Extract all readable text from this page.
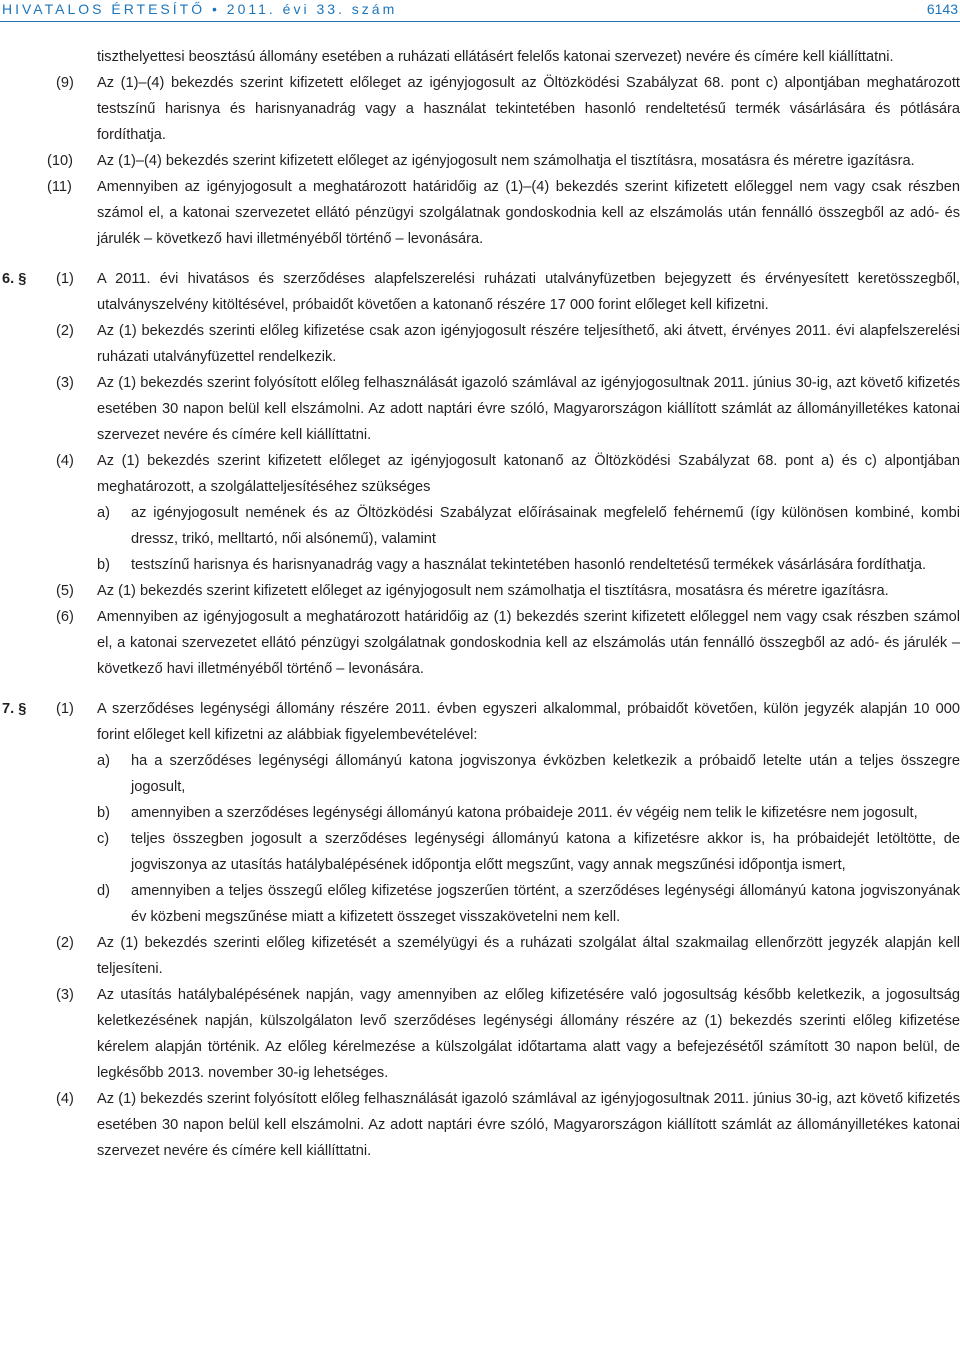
HIVATALOS ÉRTESÍTŐ • 2011. évi 33. szám	6143

tiszthelyettesi beosztású állomány esetében a ruházati ellátásért felelős katonai szervezet) nevére és címére kell kiállíttatni.

(9)	Az (1)–(4) bekezdés szerint kifizetett előleget az igényjogosult az Öltözködési Szabályzat 68. pont c) alpontjában meghatározott testszínű harisnya és harisnyanadrág vagy a használat tekintetében hasonló rendeltetésű termék vásárlására és pótlására fordíthatja.
(10)	Az (1)–(4) bekezdés szerint kifizetett előleget az igényjogosult nem számolhatja el tisztításra, mosatásra és méretre igazításra.
(11)	Amennyiben az igényjogosult a meghatározott határidőig az (1)–(4) bekezdés szerint kifizetett előleggel nem vagy csak részben számol el, a katonai szervezetet ellátó pénzügyi szolgálatnak gondoskodnia kell az elszámolás után fennálló összegből az adó- és járulék – következő havi illetményéből történő – levonására.
6. §	(1)	A 2011. évi hivatásos és szerződéses alapfelszerelési ruházati utalványfüzetben bejegyzett és érvényesített keretösszegből, utalványszelvény kitöltésével, próbaidőt követően a katonanő részére 17 000 forint előleget kell kifizetni.
(2)	Az (1) bekezdés szerinti előleg kifizetése csak azon igényjogosult részére teljesíthető, aki átvett, érvényes 2011. évi alapfelszerelési ruházati utalványfüzettel rendelkezik.
(3)	Az (1) bekezdés szerint folyósított előleg felhasználását igazoló számlával az igényjogosultnak 2011. június 30-ig, azt követő kifizetés esetében 30 napon belül kell elszámolni. Az adott naptári évre szóló, Magyarországon kiállított számlát az állományilletékes katonai szervezet nevére és címére kell kiállíttatni.
(4)	Az (1) bekezdés szerint kifizetett előleget az igényjogosult katonanő az Öltözködési Szabályzat 68. pont a) és c) alpontjában meghatározott, a szolgálatteljesítéséhez szükséges

a)	az igényjogosult nemének és az Öltözködési Szabályzat előírásainak megfelelő fehérnemű (így különösen kombiné, kombi dressz, trikó, melltartó, női alsónemű), valamint
b)	testszínű harisnya és harisnyanadrág vagy a használat tekintetében hasonló rendeltetésű termékek vásárlására fordíthatja.
(5)	Az (1) bekezdés szerint kifizetett előleget az igényjogosult nem számolhatja el tisztításra, mosatásra és méretre igazításra.
(6)	Amennyiben az igényjogosult a meghatározott határidőig az (1) bekezdés szerint kifizetett előleggel nem vagy csak részben számol el, a katonai szervezetet ellátó pénzügyi szolgálatnak gondoskodnia kell az elszámolás után fennálló összegből az adó- és járulék – következő havi illetményéből történő – levonására.
7. §	(1)	A szerződéses legénységi állomány részére 2011. évben egyszeri alkalommal, próbaidőt követően, külön jegyzék alapján 10 000 forint előleget kell kifizetni az alábbiak figyelembevételével:

a)	ha a szerződéses legénységi állományú katona jogviszonya évközben keletkezik a próbaidő letelte után a teljes összegre jogosult,
b)	amennyiben a szerződéses legénységi állományú katona próbaideje 2011. év végéig nem telik le kifizetésre nem jogosult,
c)	teljes összegben jogosult a szerződéses legénységi állományú katona a kifizetésre akkor is, ha próbaidejét letöltötte, de jogviszonya az utasítás hatálybalépésének időpontja előtt megszűnt, vagy annak megszűnési időpontja ismert,
d)	amennyiben a teljes összegű előleg kifizetése jogszerűen történt, a szerződéses legénységi állományú katona jogviszonyának év közbeni megszűnése miatt a kifizetett összeget visszakövetelni nem kell.
(2)	Az (1) bekezdés szerinti előleg kifizetését a személyügyi és a ruházati szolgálat által szakmailag ellenőrzött jegyzék alapján kell teljesíteni.
(3)	Az utasítás hatálybalépésének napján, vagy amennyiben az előleg kifizetésére való jogosultság később keletkezik, a jogosultság keletkezésének napján, külszolgálaton levő szerződéses legénységi állomány részére az (1) bekezdés szerinti előleg kifizetése kérelem alapján történik. Az előleg kérelmezése a külszolgálat időtartama alatt vagy a befejezésétől számított 30 napon belül, de legkésőbb 2013. november 30-ig lehetséges.
(4)	Az (1) bekezdés szerint folyósított előleg felhasználását igazoló számlával az igényjogosultnak 2011. június 30-ig, azt követő kifizetés esetében 30 napon belül kell elszámolni. Az adott naptári évre szóló, Magyarországon kiállított számlát az állományilletékes katonai szervezet nevére és címére kell kiállíttatni.
